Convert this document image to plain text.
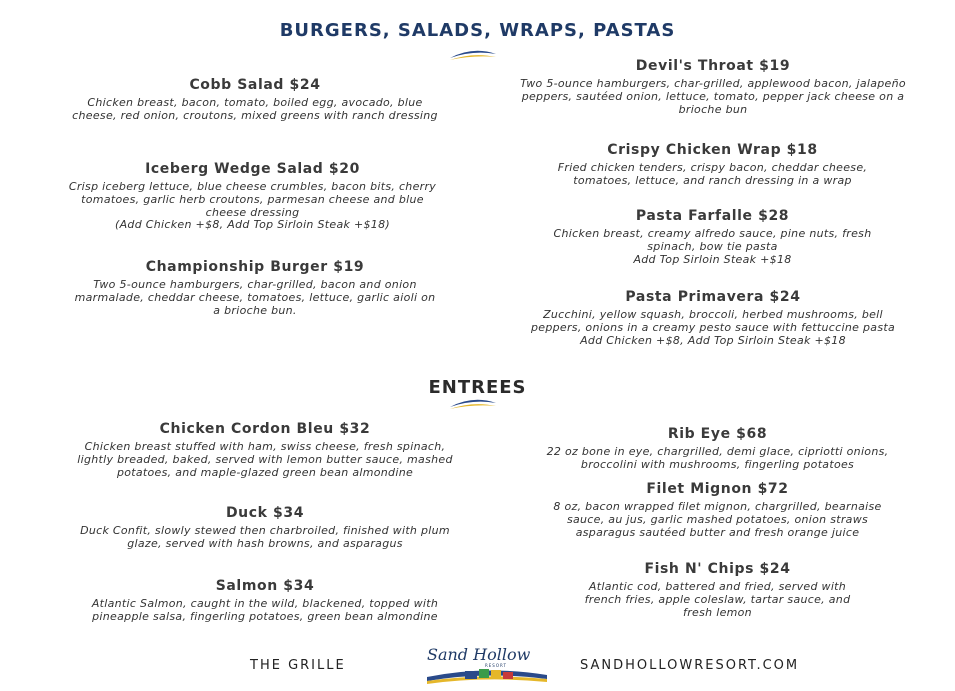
BURGERS, SALADS, WRAPS, PASTAS
Cobb Salad $24

Chicken breast, bacon, tomato, boiled egg, avocado, blue cheese, red onion, croutons, mixed greens with ranch dressing

Iceberg Wedge Salad $20

Crisp iceberg lettuce, blue cheese crumbles, bacon bits, cherry tomatoes, garlic herb croutons, parmesan cheese and blue cheese dressing

(Add Chicken +$8, Add Top Sirloin Steak +$18)

Championship Burger $19

Two 5-ounce hamburgers, char-grilled, bacon and onion marmalade, cheddar cheese, tomatoes, lettuce, garlic aioli on a brioche bun.

Devil's Throat $19

Two 5-ounce hamburgers, char-grilled, applewood bacon, jalapeño peppers, sautéed onion, lettuce, tomato, pepper jack cheese on a brioche bun

Crispy Chicken Wrap $18

Fried chicken tenders, crispy bacon, cheddar cheese, tomatoes, lettuce, and ranch dressing in a wrap

Pasta Farfalle $28

Chicken breast, creamy alfredo sauce, pine nuts, fresh spinach, bow tie pasta

Add Top Sirloin Steak +$18

Pasta Primavera $24

Zucchini, yellow squash, broccoli, herbed mushrooms, bell peppers, onions in a creamy pesto sauce with fettuccine pasta

Add Chicken +$8, Add Top Sirloin Steak +$18

ENTREES
Chicken Cordon Bleu $32

Chicken breast stuffed with ham, swiss cheese, fresh spinach, lightly breaded, baked, served with lemon butter sauce, mashed potatoes, and maple-glazed green bean almondine

Duck $34

Duck Confit, slowly stewed then charbroiled, finished with plum glaze, served with hash browns, and asparagus

Salmon $34

Atlantic Salmon, caught in the wild, blackened, topped with pineapple salsa, fingerling potatoes, green bean almondine

Rib Eye $68

22 oz bone in eye, chargrilled, demi glace, cipriotti onions, broccolini with mushrooms, fingerling potatoes

Filet Mignon $72

8 oz, bacon wrapped filet mignon, chargrilled, bearnaise sauce, au jus, garlic mashed potatoes, onion straws asparagus sautéed butter and fresh orange juice

Fish N' Chips $24

Atlantic cod, battered and fried, served with french fries, apple coleslaw, tartar sauce, and fresh lemon

THE GRILLE
Sand Hollow
RESORT	SANDHOLLOWRESORT.COM
